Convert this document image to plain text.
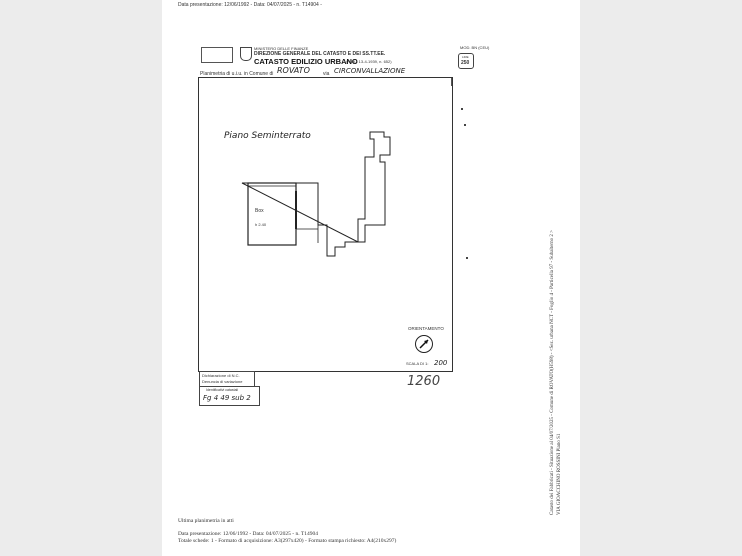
Data presentazione: 12/06/1992 - Data: 04/07/2025 - n. T14904 -
MINISTERO DELLE FINANZE
DIREZIONE GENERALE DEL CATASTO E DEI SS.TT.EE.
CATASTO EDILIZIO URBANO
(R.DL. 13-4-1939, n. 652)
MOD. BN (CEU)
LIRE
250
Planimetria di u.i.u. in Comune di ROVATO	via CIRCONVALLAZIONE
Piano Seminterrato
Box
h 2.40
ORIENTAMENTO
SCALA DI 1: 200
Dichiarazione di N.C.
Denuncia di variazione
Identificativi catastali
Fg 4 49 sub 2
1260	Catasto dei Fabbricati - Situazione al 04/07/2025 - Comune di ROVATO(H598) - <Sez. urbana NCT - Foglio 4 - Particella 97 - Subalterno 2 > VIA GIOACCHINO ROSSINI Piano S1
Ultima planimetria in atti
Data presentazione: 12/06/1992 - Data: 04/07/2025 - n. T14904
Totale schede: 1 - Formato di acquisizione: A3(297x420) - Formato stampa richiesto: A4(210x297)
